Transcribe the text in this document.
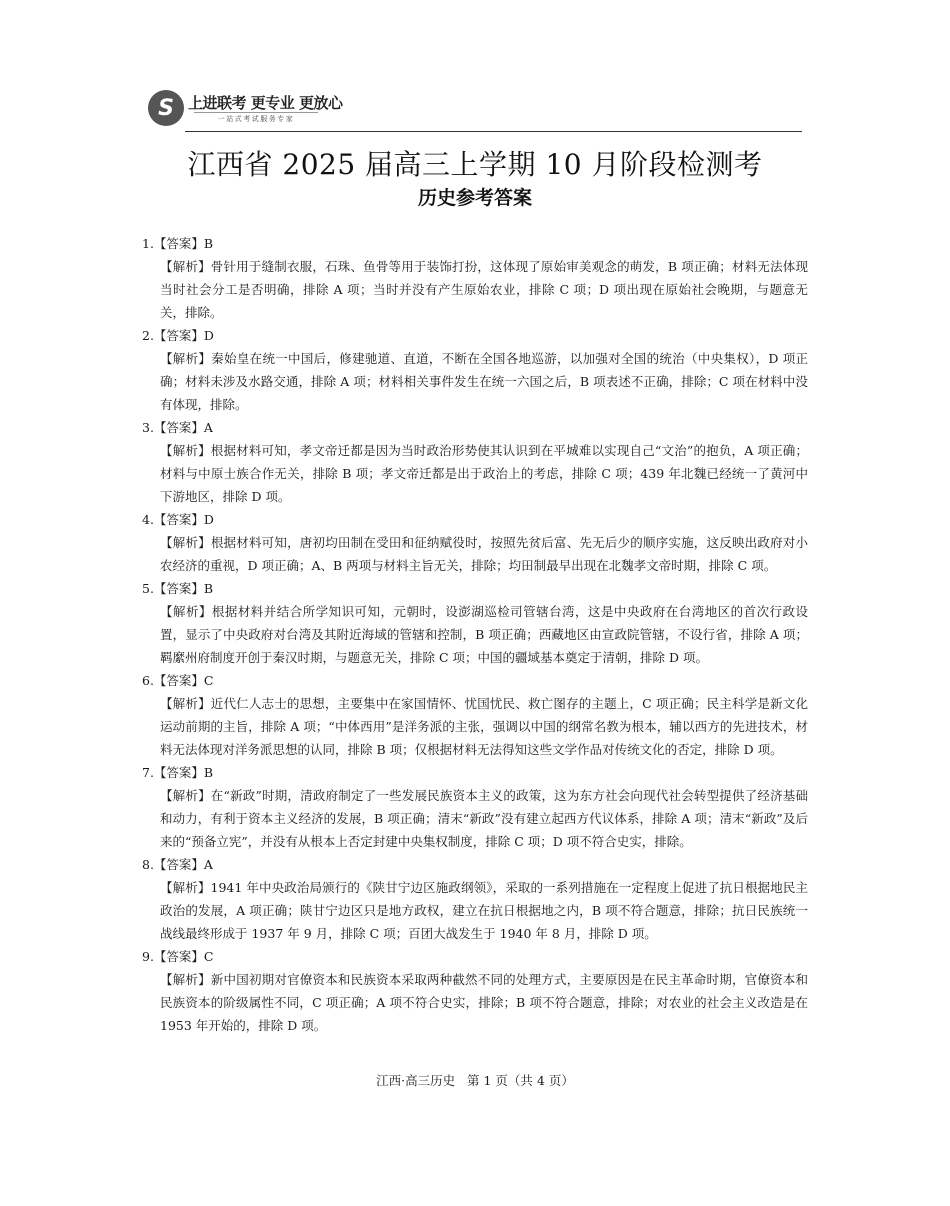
S 上进联考 更专业 更放心
一站式考试服务专家
江西省 2025 届高三上学期 10 月阶段检测考
历史参考答案

1.【答案】B

【解析】骨针用于缝制衣服，石珠、鱼骨等用于装饰打扮，这体现了原始审美观念的萌发，B 项正确；材料无法体现当时社会分工是否明确，排除 A 项；当时并没有产生原始农业，排除 C 项；D 项出现在原始社会晚期，与题意无关，排除。

2.【答案】D

【解析】秦始皇在统一中国后，修建驰道、直道，不断在全国各地巡游，以加强对全国的统治（中央集权），D 项正确；材料未涉及水路交通，排除 A 项；材料相关事件发生在统一六国之后，B 项表述不正确，排除；C 项在材料中没有体现，排除。

3.【答案】A

【解析】根据材料可知，孝文帝迁都是因为当时政治形势使其认识到在平城难以实现自己“文治”的抱负，A 项正确；材料与中原士族合作无关，排除 B 项；孝文帝迁都是出于政治上的考虑，排除 C 项；439 年北魏已经统一了黄河中下游地区，排除 D 项。

4.【答案】D

【解析】根据材料可知，唐初均田制在受田和征纳赋役时，按照先贫后富、先无后少的顺序实施，这反映出政府对小农经济的重视，D 项正确；A、B 两项与材料主旨无关，排除；均田制最早出现在北魏孝文帝时期，排除 C 项。

5.【答案】B

【解析】根据材料并结合所学知识可知，元朝时，设澎湖巡检司管辖台湾，这是中央政府在台湾地区的首次行政设置，显示了中央政府对台湾及其附近海域的管辖和控制，B 项正确；西藏地区由宣政院管辖，不设行省，排除 A 项；羁縻州府制度开创于秦汉时期，与题意无关，排除 C 项；中国的疆域基本奠定于清朝，排除 D 项。

6.【答案】C

【解析】近代仁人志士的思想，主要集中在家国情怀、忧国忧民、救亡图存的主题上，C 项正确；民主科学是新文化运动前期的主旨，排除 A 项；“中体西用”是洋务派的主张，强调以中国的纲常名教为根本，辅以西方的先进技术，材料无法体现对洋务派思想的认同，排除 B 项；仅根据材料无法得知这些文学作品对传统文化的否定，排除 D 项。

7.【答案】B

【解析】在“新政”时期，清政府制定了一些发展民族资本主义的政策，这为东方社会向现代社会转型提供了经济基础和动力，有利于资本主义经济的发展，B 项正确；清末“新政”没有建立起西方代议体系，排除 A 项；清末“新政”及后来的“预备立宪”，并没有从根本上否定封建中央集权制度，排除 C 项；D 项不符合史实，排除。

8.【答案】A

【解析】1941 年中央政治局颁行的《陕甘宁边区施政纲领》，采取的一系列措施在一定程度上促进了抗日根据地民主政治的发展，A 项正确；陕甘宁边区只是地方政权，建立在抗日根据地之内，B 项不符合题意，排除；抗日民族统一战线最终形成于 1937 年 9 月，排除 C 项；百团大战发生于 1940 年 8 月，排除 D 项。

9.【答案】C

【解析】新中国初期对官僚资本和民族资本采取两种截然不同的处理方式，主要原因是在民主革命时期，官僚资本和民族资本的阶级属性不同，C 项正确；A 项不符合史实，排除；B 项不符合题意，排除；对农业的社会主义改造是在 1953 年开始的，排除 D 项。

江西·高三历史   第 1 页（共 4 页）
